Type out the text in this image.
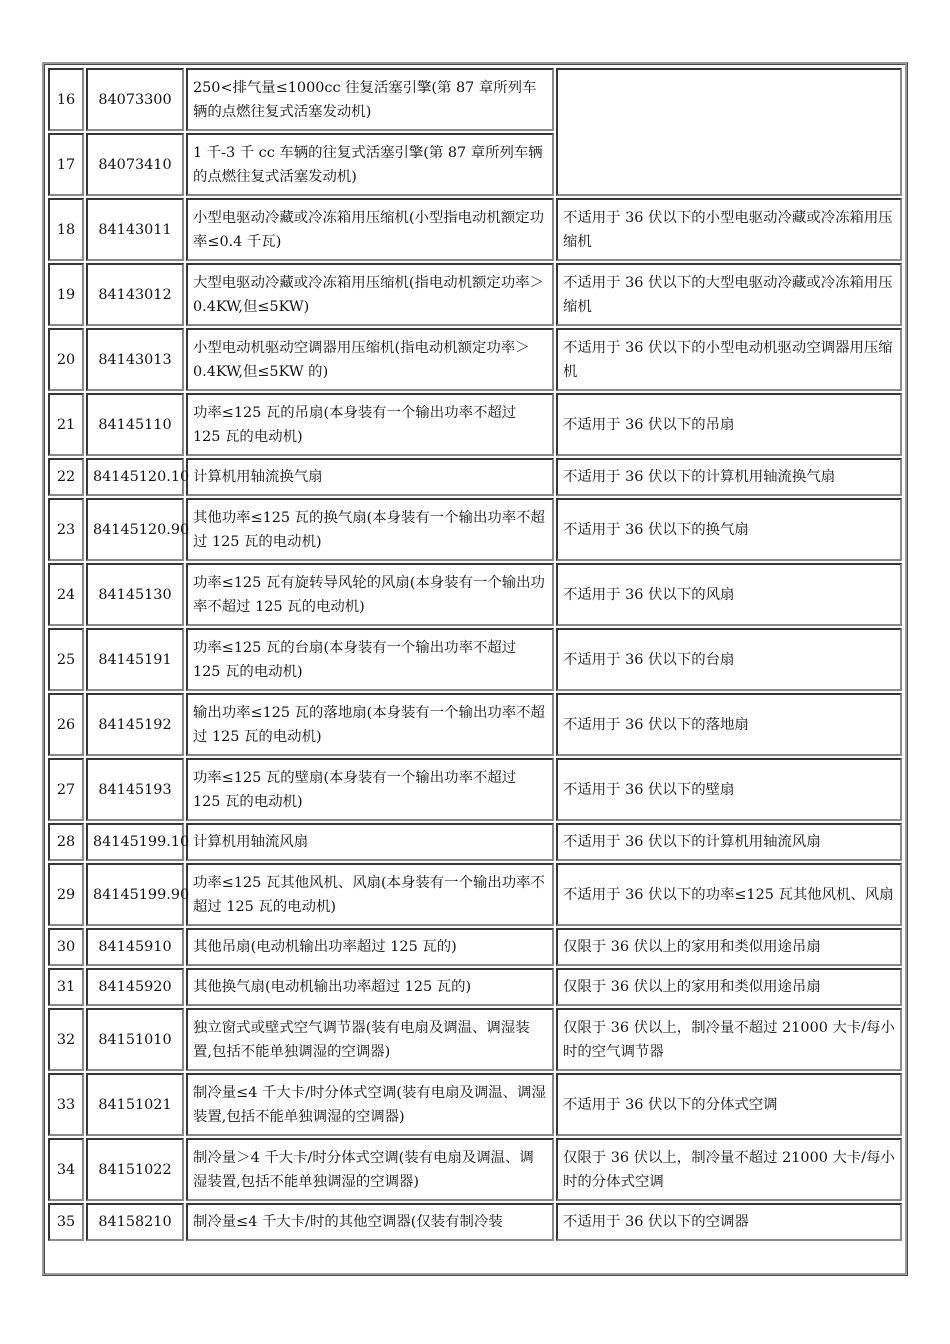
16	84073300	250<排气量≤1000cc 往复活塞引擎(第 87 章所列车辆的点燃往复式活塞发动机)	
17	84073410	1 千-3 千 cc 车辆的往复式活塞引擎(第 87 章所列车辆的点燃往复式活塞发动机)	
18	84143011	小型电驱动冷藏或冷冻箱用压缩机(小型指电动机额定功率≤0.4 千瓦)	不适用于 36 伏以下的小型电驱动冷藏或冷冻箱用压缩机
19	84143012	大型电驱动冷藏或冷冻箱用压缩机(指电动机额定功率＞0.4KW,但≤5KW)	不适用于 36 伏以下的大型电驱动冷藏或冷冻箱用压缩机
20	84143013	小型电动机驱动空调器用压缩机(指电动机额定功率＞0.4KW,但≤5KW 的)	不适用于 36 伏以下的小型电动机驱动空调器用压缩机
21	84145110	功率≤125 瓦的吊扇(本身装有一个输出功率不超过 125 瓦的电动机)	不适用于 36 伏以下的吊扇
22	84145120.10	计算机用轴流换气扇	不适用于 36 伏以下的计算机用轴流换气扇
23	84145120.90	其他功率≤125 瓦的换气扇(本身装有一个输出功率不超过 125 瓦的电动机)	不适用于 36 伏以下的换气扇
24	84145130	功率≤125 瓦有旋转导风轮的风扇(本身装有一个输出功率不超过 125 瓦的电动机)	不适用于 36 伏以下的风扇
25	84145191	功率≤125 瓦的台扇(本身装有一个输出功率不超过 125 瓦的电动机)	不适用于 36 伏以下的台扇
26	84145192	输出功率≤125 瓦的落地扇(本身装有一个输出功率不超过 125 瓦的电动机)	不适用于 36 伏以下的落地扇
27	84145193	功率≤125 瓦的壁扇(本身装有一个输出功率不超过 125 瓦的电动机)	不适用于 36 伏以下的壁扇
28	84145199.10	计算机用轴流风扇	不适用于 36 伏以下的计算机用轴流风扇
29	84145199.90	功率≤125 瓦其他风机、风扇(本身装有一个输出功率不超过 125 瓦的电动机)	不适用于 36 伏以下的功率≤125 瓦其他风机、风扇
30	84145910	其他吊扇(电动机输出功率超过 125 瓦的)	仅限于 36 伏以上的家用和类似用途吊扇
31	84145920	其他换气扇(电动机输出功率超过 125 瓦的)	仅限于 36 伏以上的家用和类似用途吊扇
32	84151010	独立窗式或壁式空气调节器(装有电扇及调温、调湿装置,包括不能单独调湿的空调器)	仅限于 36 伏以上，制冷量不超过 21000 大卡/每小时的空气调节器
33	84151021	制冷量≤4 千大卡/时分体式空调(装有电扇及调温、调湿装置,包括不能单独调湿的空调器)	不适用于 36 伏以下的分体式空调
34	84151022	制冷量＞4 千大卡/时分体式空调(装有电扇及调温、调湿装置,包括不能单独调湿的空调器)	仅限于 36 伏以上，制冷量不超过 21000 大卡/每小时的分体式空调
35	84158210	制冷量≤4 千大卡/时的其他空调器(仅装有制冷装	不适用于 36 伏以下的空调器
